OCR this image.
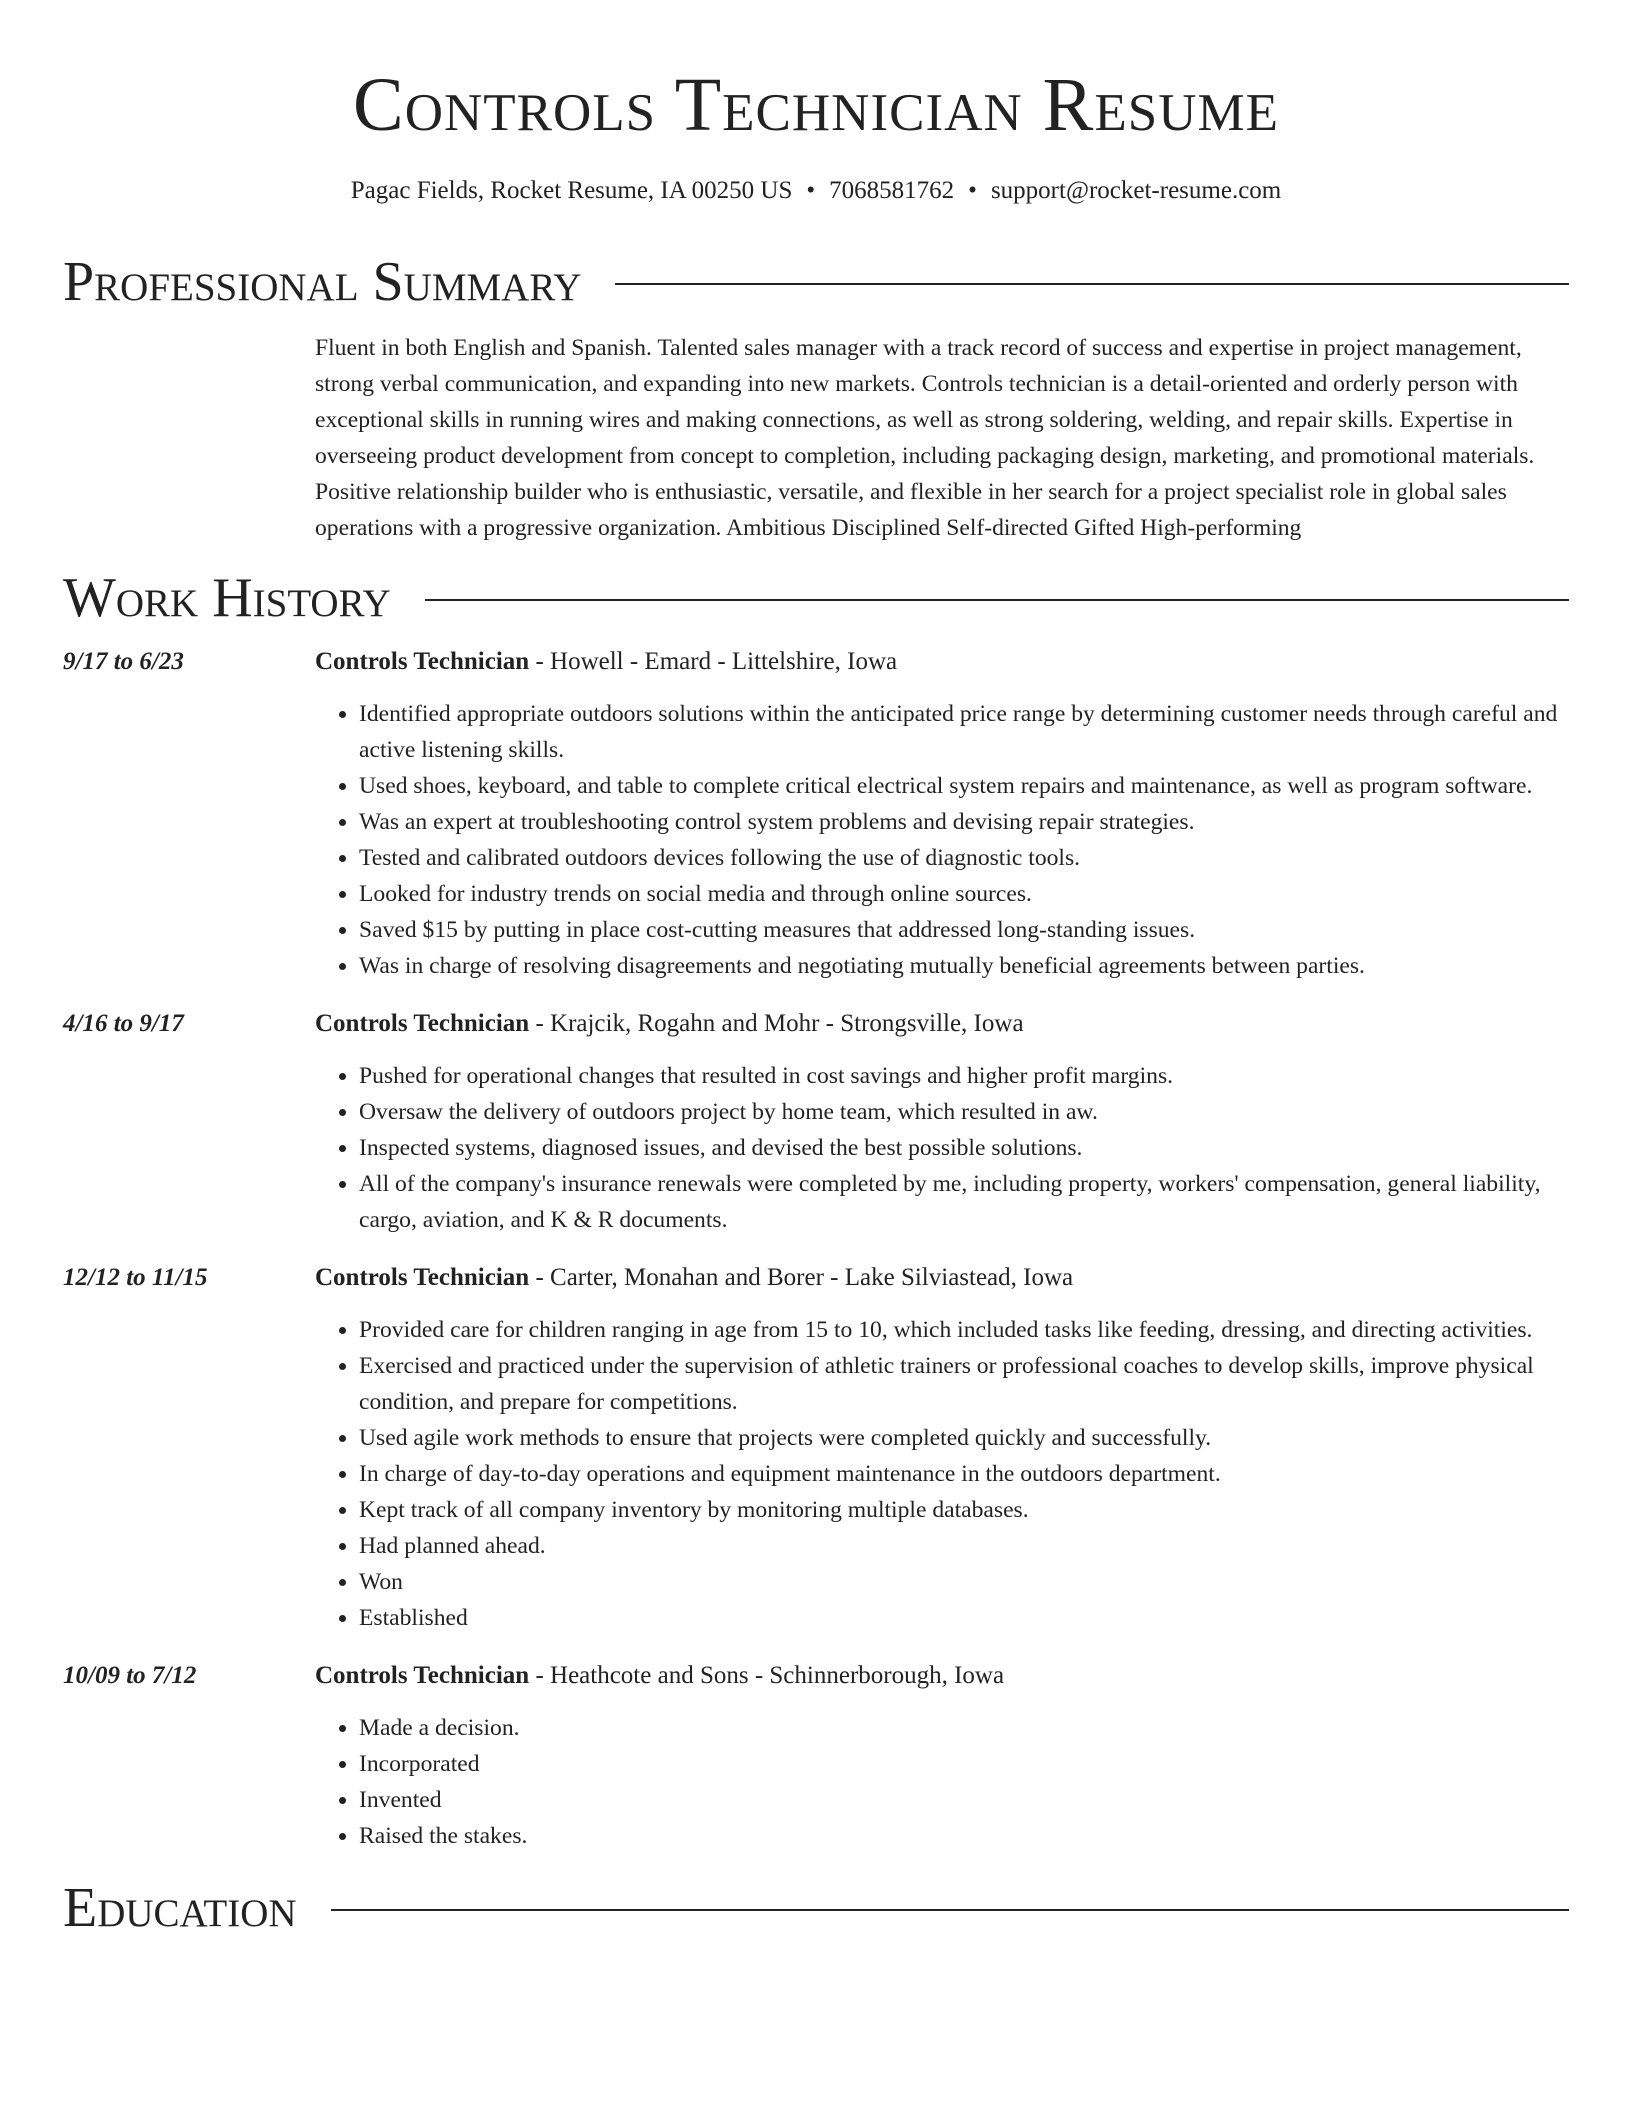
Controls Technician Resume
Pagac Fields, Rocket Resume, IA 00250 US • 7068581762 • support@rocket-resume.com
Professional Summary
Fluent in both English and Spanish. Talented sales manager with a track record of success and expertise in project management, strong verbal communication, and expanding into new markets. Controls technician is a detail-oriented and orderly person with exceptional skills in running wires and making connections, as well as strong soldering, welding, and repair skills. Expertise in overseeing product development from concept to completion, including packaging design, marketing, and promotional materials. Positive relationship builder who is enthusiastic, versatile, and flexible in her search for a project specialist role in global sales operations with a progressive organization. Ambitious Disciplined Self-directed Gifted High-performing
Work History
9/17 to 6/23	Controls Technician - Howell - Emard - Littelshire, Iowa
• Identified appropriate outdoors solutions within the anticipated price range by determining customer needs through careful and active listening skills.
• Used shoes, keyboard, and table to complete critical electrical system repairs and maintenance, as well as program software.
• Was an expert at troubleshooting control system problems and devising repair strategies.
• Tested and calibrated outdoors devices following the use of diagnostic tools.
• Looked for industry trends on social media and through online sources.
• Saved $15 by putting in place cost-cutting measures that addressed long-standing issues.
• Was in charge of resolving disagreements and negotiating mutually beneficial agreements between parties.
4/16 to 9/17	Controls Technician - Krajcik, Rogahn and Mohr - Strongsville, Iowa
• Pushed for operational changes that resulted in cost savings and higher profit margins.
• Oversaw the delivery of outdoors project by home team, which resulted in aw.
• Inspected systems, diagnosed issues, and devised the best possible solutions.
• All of the company's insurance renewals were completed by me, including property, workers' compensation, general liability, cargo, aviation, and K & R documents.
12/12 to 11/15	Controls Technician - Carter, Monahan and Borer - Lake Silviastead, Iowa
• Provided care for children ranging in age from 15 to 10, which included tasks like feeding, dressing, and directing activities.
• Exercised and practiced under the supervision of athletic trainers or professional coaches to develop skills, improve physical condition, and prepare for competitions.
• Used agile work methods to ensure that projects were completed quickly and successfully.
• In charge of day-to-day operations and equipment maintenance in the outdoors department.
• Kept track of all company inventory by monitoring multiple databases.
• Had planned ahead.
• Won
• Established
10/09 to 7/12	Controls Technician - Heathcote and Sons - Schinnerborough, Iowa
• Made a decision.
• Incorporated
• Invented
• Raised the stakes.
Education
